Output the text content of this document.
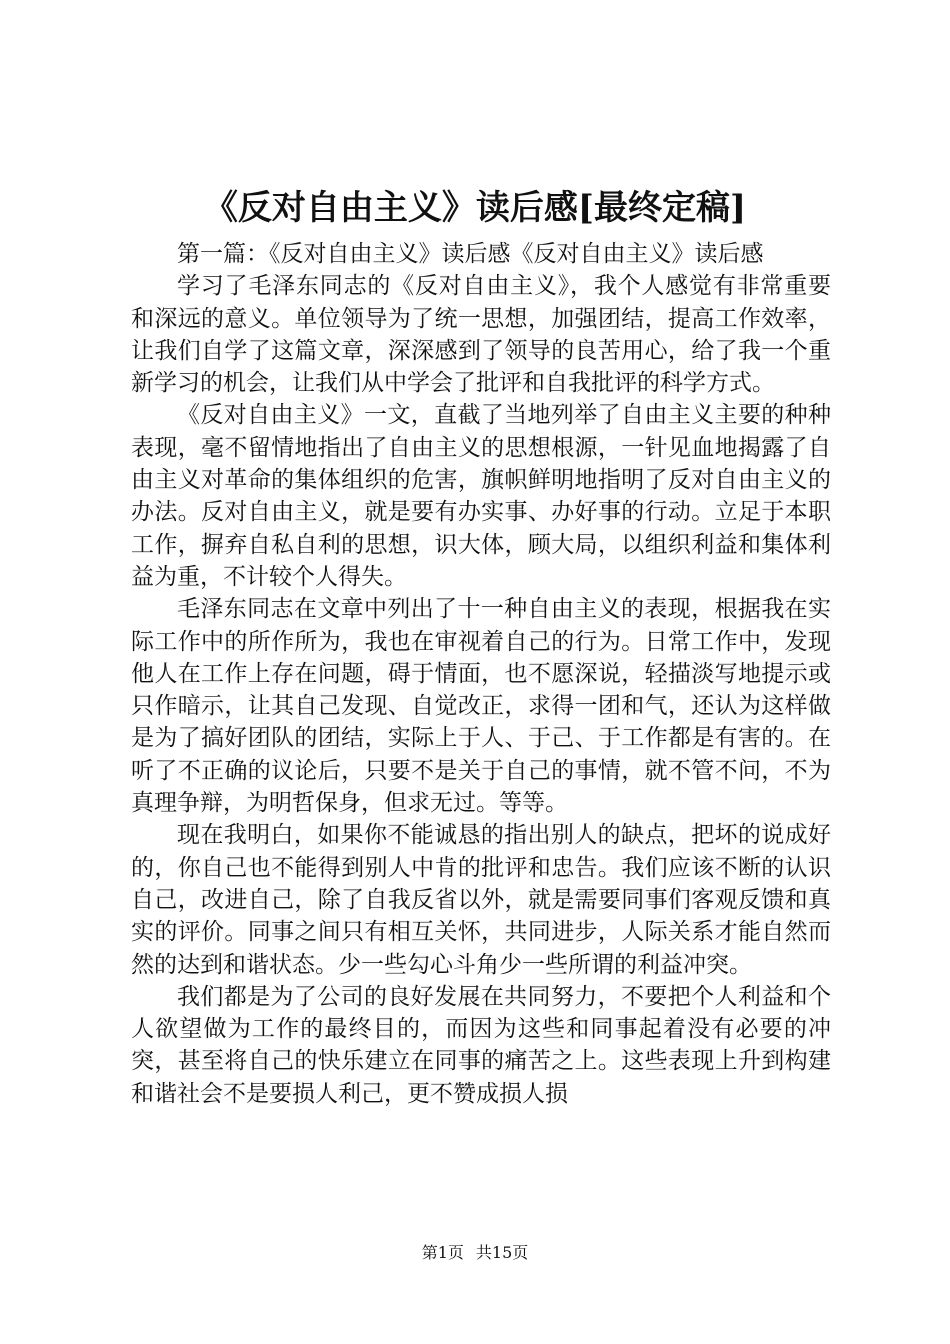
《反对自由主义》读后感[最终定稿]

第一篇：《反对自由主义》读后感《反对自由主义》读后感

学习了毛泽东同志的《反对自由主义》，我个人感觉有非常重要和深远的意义。单位领导为了统一思想，加强团结，提高工作效率，让我们自学了这篇文章，深深感到了领导的良苦用心，给了我一个重新学习的机会，让我们从中学会了批评和自我批评的科学方式。

《反对自由主义》一文，直截了当地列举了自由主义主要的种种表现，毫不留情地指出了自由主义的思想根源，一针见血地揭露了自由主义对革命的集体组织的危害，旗帜鲜明地指明了反对自由主义的办法。反对自由主义，就是要有办实事、办好事的行动。立足于本职工作，摒弃自私自利的思想，识大体，顾大局，以组织利益和集体利益为重，不计较个人得失。

毛泽东同志在文章中列出了十一种自由主义的表现，根据我在实际工作中的所作所为，我也在审视着自己的行为。日常工作中，发现他人在工作上存在问题，碍于情面，也不愿深说，轻描淡写地提示或只作暗示，让其自己发现、自觉改正，求得一团和气，还认为这样做是为了搞好团队的团结，实际上于人、于己、于工作都是有害的。在听了不正确的议论后，只要不是关于自己的事情，就不管不问，不为真理争辩，为明哲保身，但求无过。等等。

现在我明白，如果你不能诚恳的指出别人的缺点，把坏的说成好的，你自己也不能得到别人中肯的批评和忠告。我们应该不断的认识自己，改进自己，除了自我反省以外，就是需要同事们客观反馈和真实的评价。同事之间只有相互关怀，共同进步，人际关系才能自然而然的达到和谐状态。少一些勾心斗角少一些所谓的利益冲突。

我们都是为了公司的良好发展在共同努力，不要把个人利益和个人欲望做为工作的最终目的，而因为这些和同事起着没有必要的冲突，甚至将自己的快乐建立在同事的痛苦之上。这些表现上升到构建和谐社会不是要损人利己，更不赞成损人损

第1页 共15页
